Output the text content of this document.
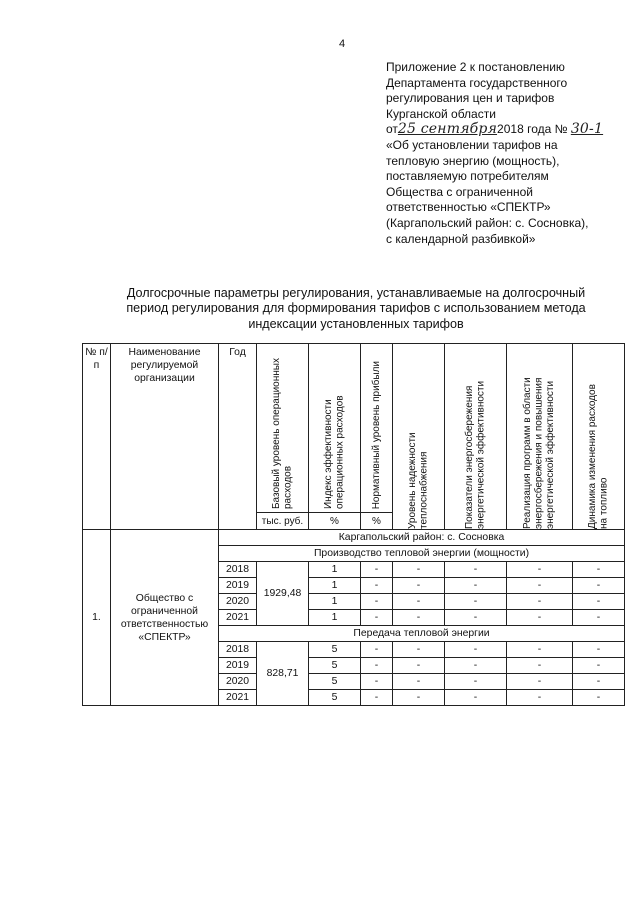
4
Приложение 2 к постановлению
Департамента государственного
регулирования цен и тарифов
Курганской области
от25 сентября2018 года № 30-1
«Об установлении тарифов на
тепловую энергию (мощность),
поставляемую потребителям
Общества с ограниченной
ответственностью «СПЕКТР»
(Каргапольский район: с. Сосновка),
с календарной разбивкой»
Долгосрочные параметры регулирования, устанавливаемые на долгосрочный
период регулирования для формирования тарифов с использованием метода
индексации установленных тарифов
№ п/п	Наименование регулируемой организации	Год	Базовый уровень операционных расходов	Индекс эффективности операционных расходов	Нормативный уровень прибыли	Уровень надежности теплоснабжения	Показатели энергосбережения энергетической эффективности	Реализация программ в области энергосбережения и повышения энергетической эффективности	Динамика изменения расходов на топливо

			тыс. руб.	%	%				
1.	Общество с ограниченной ответственностью «СПЕКТР»	Каргапольский район: с. Сосновка							
		Производство тепловой энергии (мощности)							
		2018	1929,48	1	-	-	-	-	-
		2019		1	-	-	-	-	-
		2020		1	-	-	-	-	-
		2021		1	-	-	-	-	-
		Передача тепловой энергии							
		2018	828,71	5	-	-	-	-	-
		2019		5	-	-	-	-	-
		2020		5	-	-	-	-	-
		2021		5	-	-	-	-	-
